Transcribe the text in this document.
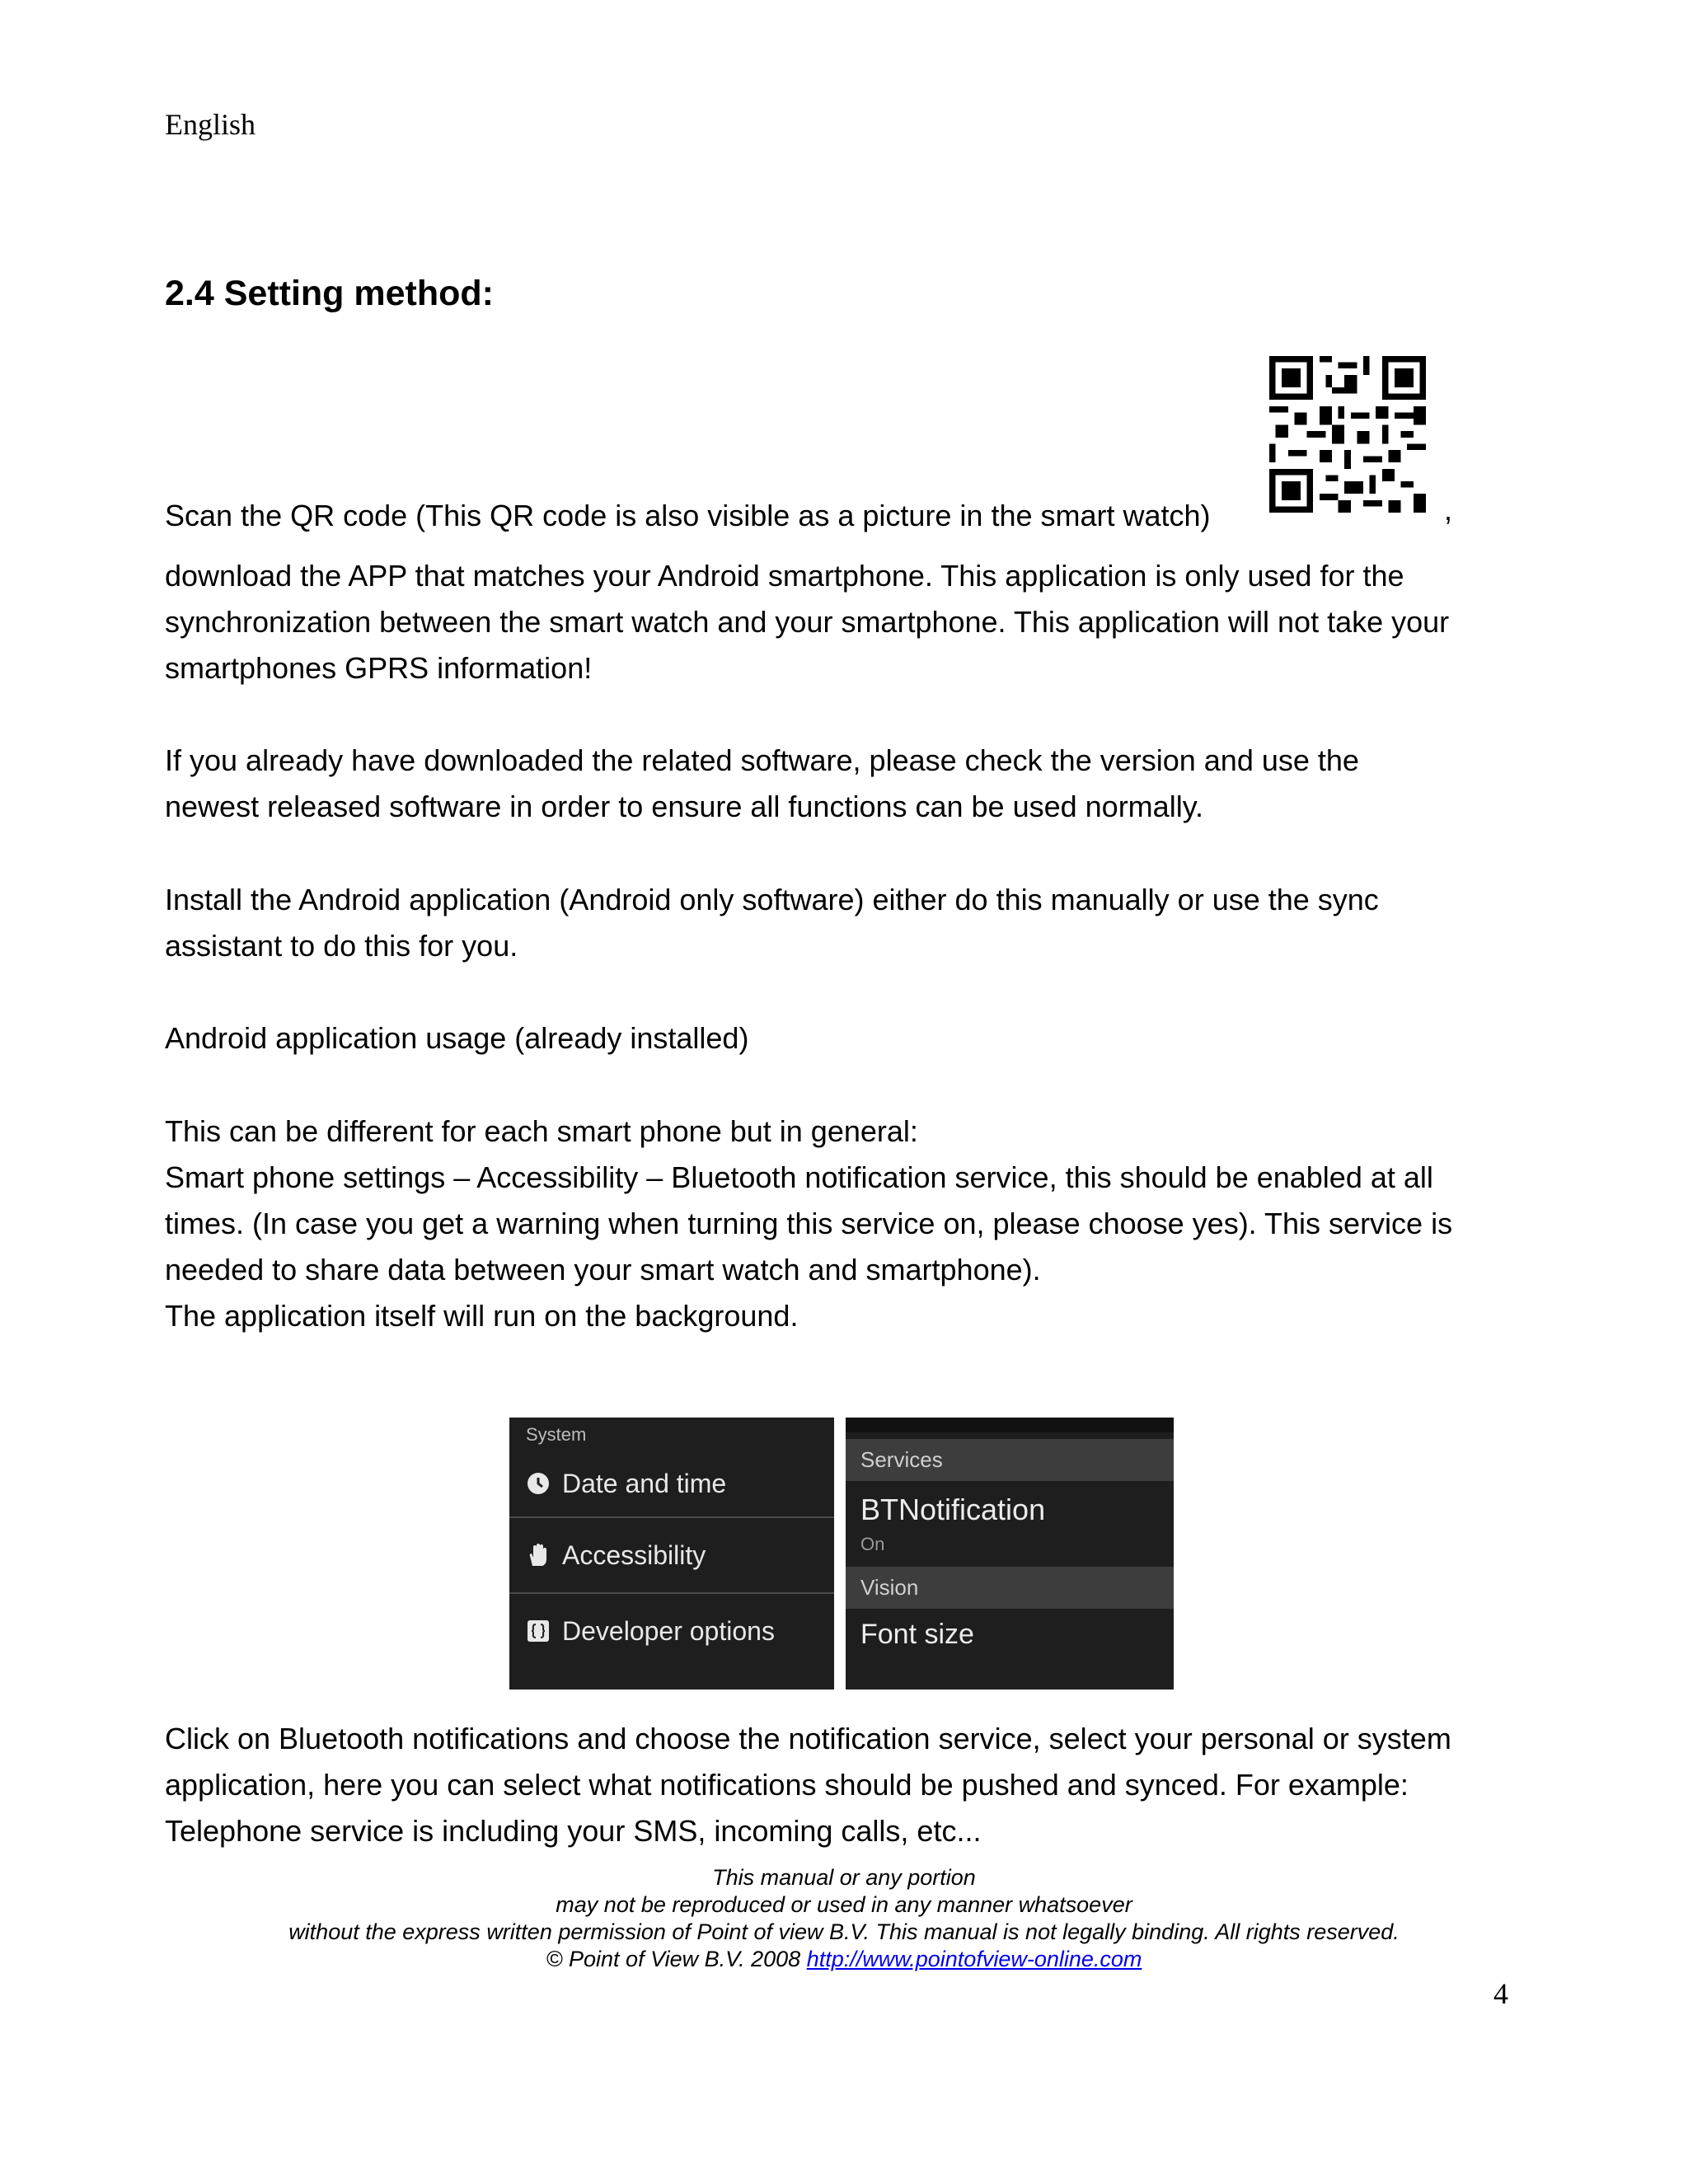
English
2.4 Setting method:

Scan the QR code (This QR code is also visible as a picture in the smart watch)	,

download the APP that matches your Android smartphone. This application is only used for the
synchronization between the smart watch and your smartphone. This application will not take your
smartphones GPRS information!

If you already have downloaded the related software, please check the version and use the
newest released software in order to ensure all functions can be used normally.

Install the Android application (Android only software) either do this manually or use the sync
assistant to do this for you.

Android application usage (already installed)

This can be different for each smart phone but in general:
Smart phone settings – Accessibility – Bluetooth notification service, this should be enabled at all
times. (In case you get a warning when turning this service on, please choose yes). This service is
needed to share data between your smart watch and smartphone).
The application itself will run on the background.

System
Date and time
Accessibility
Developer options
Services
BTNotification
On
Vision
Font size

Click on Bluetooth notifications and choose the notification service, select your personal or system
application, here you can select what notifications should be pushed and synced. For example:
Telephone service is including your SMS, incoming calls, etc...

This manual or any portion
may not be reproduced or used in any manner whatsoever
without the express written permission of Point of view B.V. This manual is not legally binding. All rights reserved.
© Point of View B.V. 2008 http://www.pointofview-online.com
4
